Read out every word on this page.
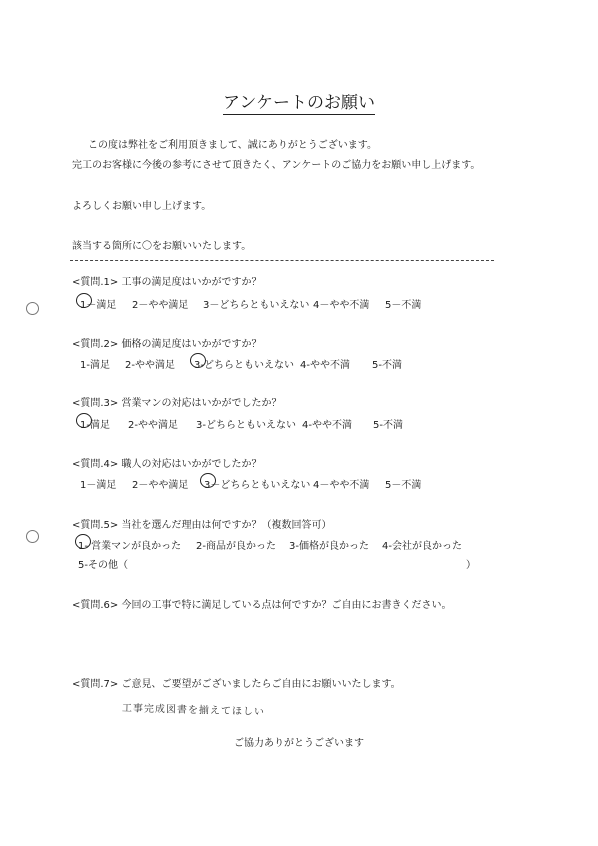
アンケートのお願い
この度は弊社をご利用頂きまして、誠にありがとうございます。
完工のお客様に今後の参考にさせて頂きたく、アンケートのご協力をお願い申し上げます。
よろしくお願い申し上げます。
該当する箇所に〇をお願いいたします。
<質問.1> 工事の満足度はいかがですか？
1－満足 2－やや満足 3－どちらともいえない 4－やや不満 5－不満
<質問.2> 価格の満足度はいかがですか？
1-満足 2-やや満足 3-どちらともいえない 4-やや不満 5-不満
<質問.3> 営業マンの対応はいかがでしたか？
1-満足 2-やや満足 3-どちらともいえない 4-やや不満 5-不満
<質問.4> 職人の対応はいかがでしたか？
1－満足 2－やや満足 3－どちらともいえない 4－やや不満 5－不満
<質問.5> 当社を選んだ理由は何ですか？（複数回答可）
1- 営業マンが良かった 2-商品が良かった 3-価格が良かった 4-会社が良かった
5-その他（	）
<質問.6> 今回の工事で特に満足している点は何ですか？ご自由にお書きください。
<質問.7> ご意見、ご要望がございましたらご自由にお願いいたします。
工事完成図書を揃えてほしい
ご協力ありがとうございます
